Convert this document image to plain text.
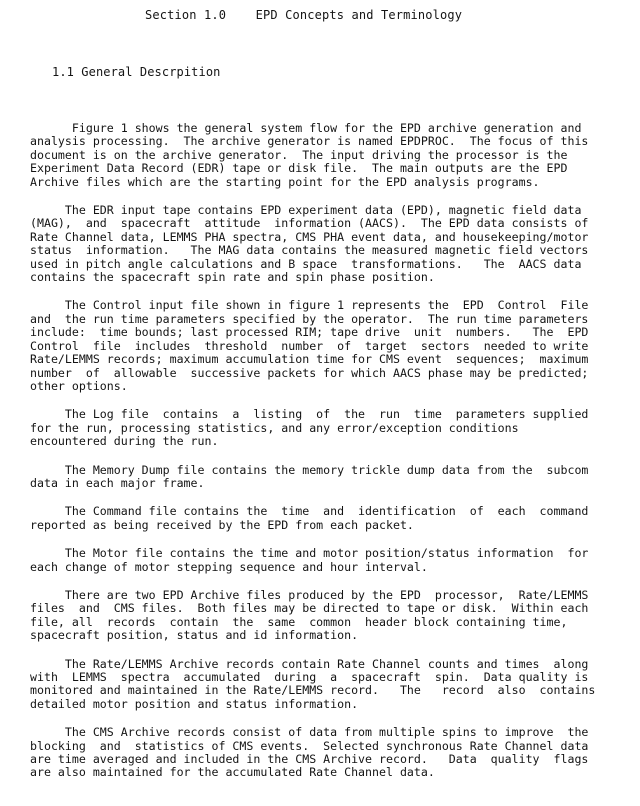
Section 1.0    EPD Concepts and Terminology
1.1 General Descrpition
Figure 1 shows the general system flow for the EPD archive generation and
analysis processing.  The archive generator is named EPDPROC.  The focus of this
document is on the archive generator.  The input driving the processor is the
Experiment Data Record (EDR) tape or disk file.  The main outputs are the EPD
Archive files which are the starting point for the EPD analysis programs.
The EDR input tape contains EPD experiment data (EPD), magnetic field data
(MAG),  and  spacecraft  attitude  information (AACS).  The EPD data consists of
Rate Channel data, LEMMS PHA spectra, CMS PHA event data, and housekeeping/motor
status  information.   The MAG data contains the measured magnetic field vectors
used in pitch angle calculations and B space  transformations.   The  AACS data
contains the spacecraft spin rate and spin phase position.
The Control input file shown in figure 1 represents the  EPD  Control  File
and  the run time parameters specified by the operator.  The run time parameters
include:  time bounds; last processed RIM; tape drive  unit  numbers.   The  EPD
Control  file  includes  threshold  number  of  target  sectors  needed to write
Rate/LEMMS records; maximum accumulation time for CMS event  sequences;  maximum
number  of  allowable  successive packets for which AACS phase may be predicted;
other options.
The Log file  contains  a  listing  of  the  run  time  parameters supplied
for the run, processing statistics, and any error/exception conditions
encountered during the run.
The Memory Dump file contains the memory trickle dump data from the  subcom
data in each major frame.
The Command file contains the  time  and  identification  of  each  command
reported as being received by the EPD from each packet.
The Motor file contains the time and motor position/status information  for
each change of motor stepping sequence and hour interval.
There are two EPD Archive files produced by the EPD  processor,  Rate/LEMMS
files  and  CMS files.  Both files may be directed to tape or disk.  Within each
file, all  records  contain  the  same  common  header block containing time,
spacecraft position, status and id information.
The Rate/LEMMS Archive records contain Rate Channel counts and times  along
with  LEMMS  spectra  accumulated  during  a  spacecraft  spin.  Data quality is
monitored and maintained in the Rate/LEMMS record.   The   record  also  contains
detailed motor position and status information.
The CMS Archive records consist of data from multiple spins to improve  the
blocking  and  statistics of CMS events.  Selected synchronous Rate Channel data
are time averaged and included in the CMS Archive record.   Data  quality  flags
are also maintained for the accumulated Rate Channel data.
